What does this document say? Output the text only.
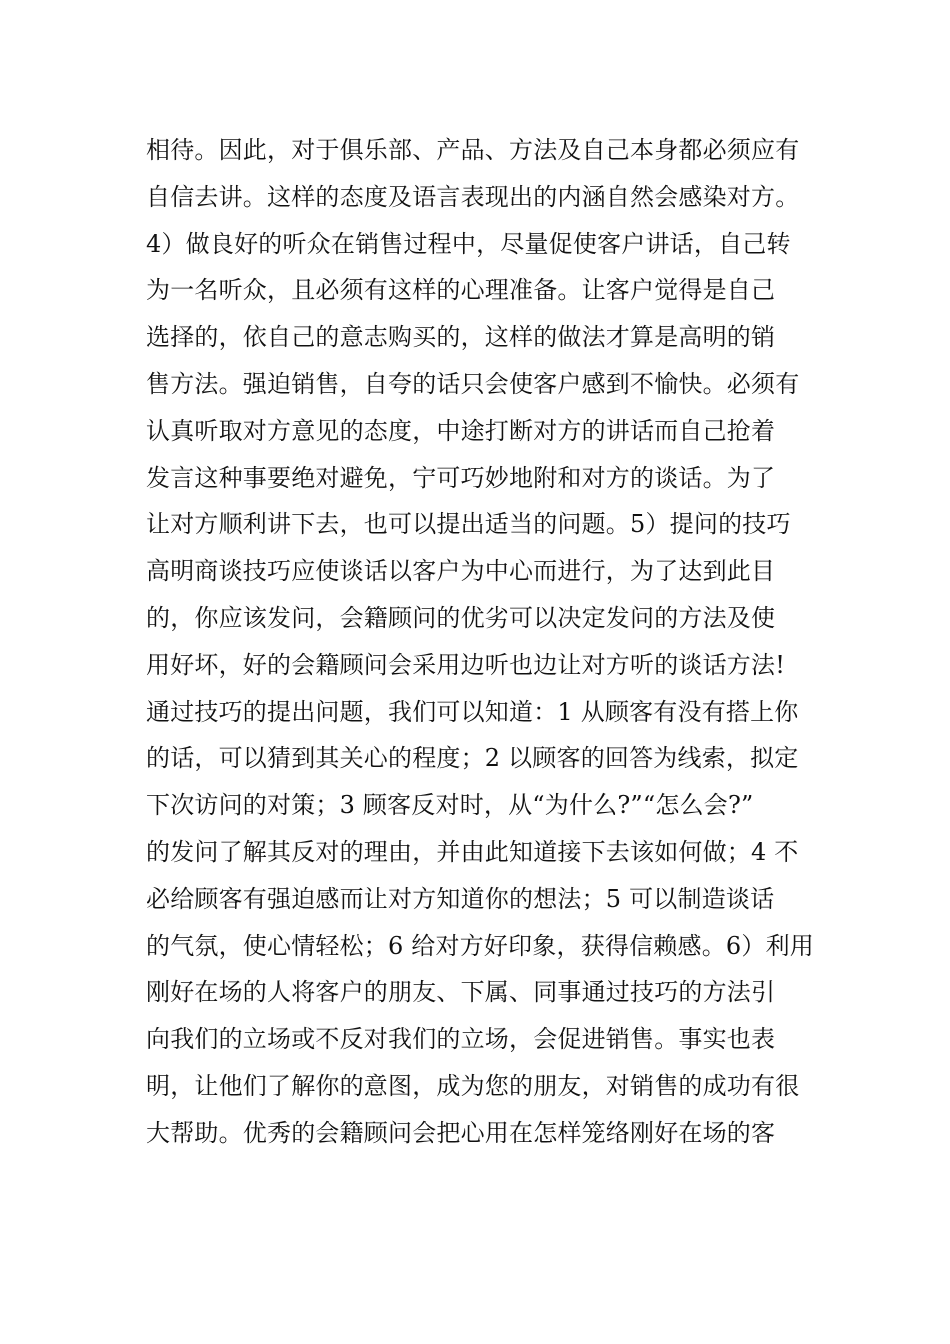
相待。因此，对于俱乐部、产品、方法及自己本身都必须应有
自信去讲。这样的态度及语言表现出的内涵自然会感染对方。
4）做良好的听众在销售过程中，尽量促使客户讲话，自己转
为一名听众，且必须有这样的心理准备。让客户觉得是自己
选择的，依自己的意志购买的，这样的做法才算是高明的销
售方法。强迫销售，自夸的话只会使客户感到不愉快。必须有
认真听取对方意见的态度，中途打断对方的讲话而自己抢着
发言这种事要绝对避免，宁可巧妙地附和对方的谈话。为了
让对方顺利讲下去，也可以提出适当的问题。5）提问的技巧
高明商谈技巧应使谈话以客户为中心而进行，为了达到此目
的，你应该发问，会籍顾问的优劣可以决定发问的方法及使
用好坏，好的会籍顾问会采用边听也边让对方听的谈话方法!
通过技巧的提出问题，我们可以知道：1 从顾客有没有搭上你
的话，可以猜到其关心的程度；2 以顾客的回答为线索，拟定
下次访问的对策；3 顾客反对时，从“为什么?”“怎么会?”
的发问了解其反对的理由，并由此知道接下去该如何做；4 不
必给顾客有强迫感而让对方知道你的想法；5 可以制造谈话
的气氛，使心情轻松；6 给对方好印象，获得信赖感。6）利用
刚好在场的人将客户的朋友、下属、同事通过技巧的方法引
向我们的立场或不反对我们的立场，会促进销售。事实也表
明，让他们了解你的意图，成为您的朋友，对销售的成功有很
大帮助。优秀的会籍顾问会把心用在怎样笼络刚好在场的客
